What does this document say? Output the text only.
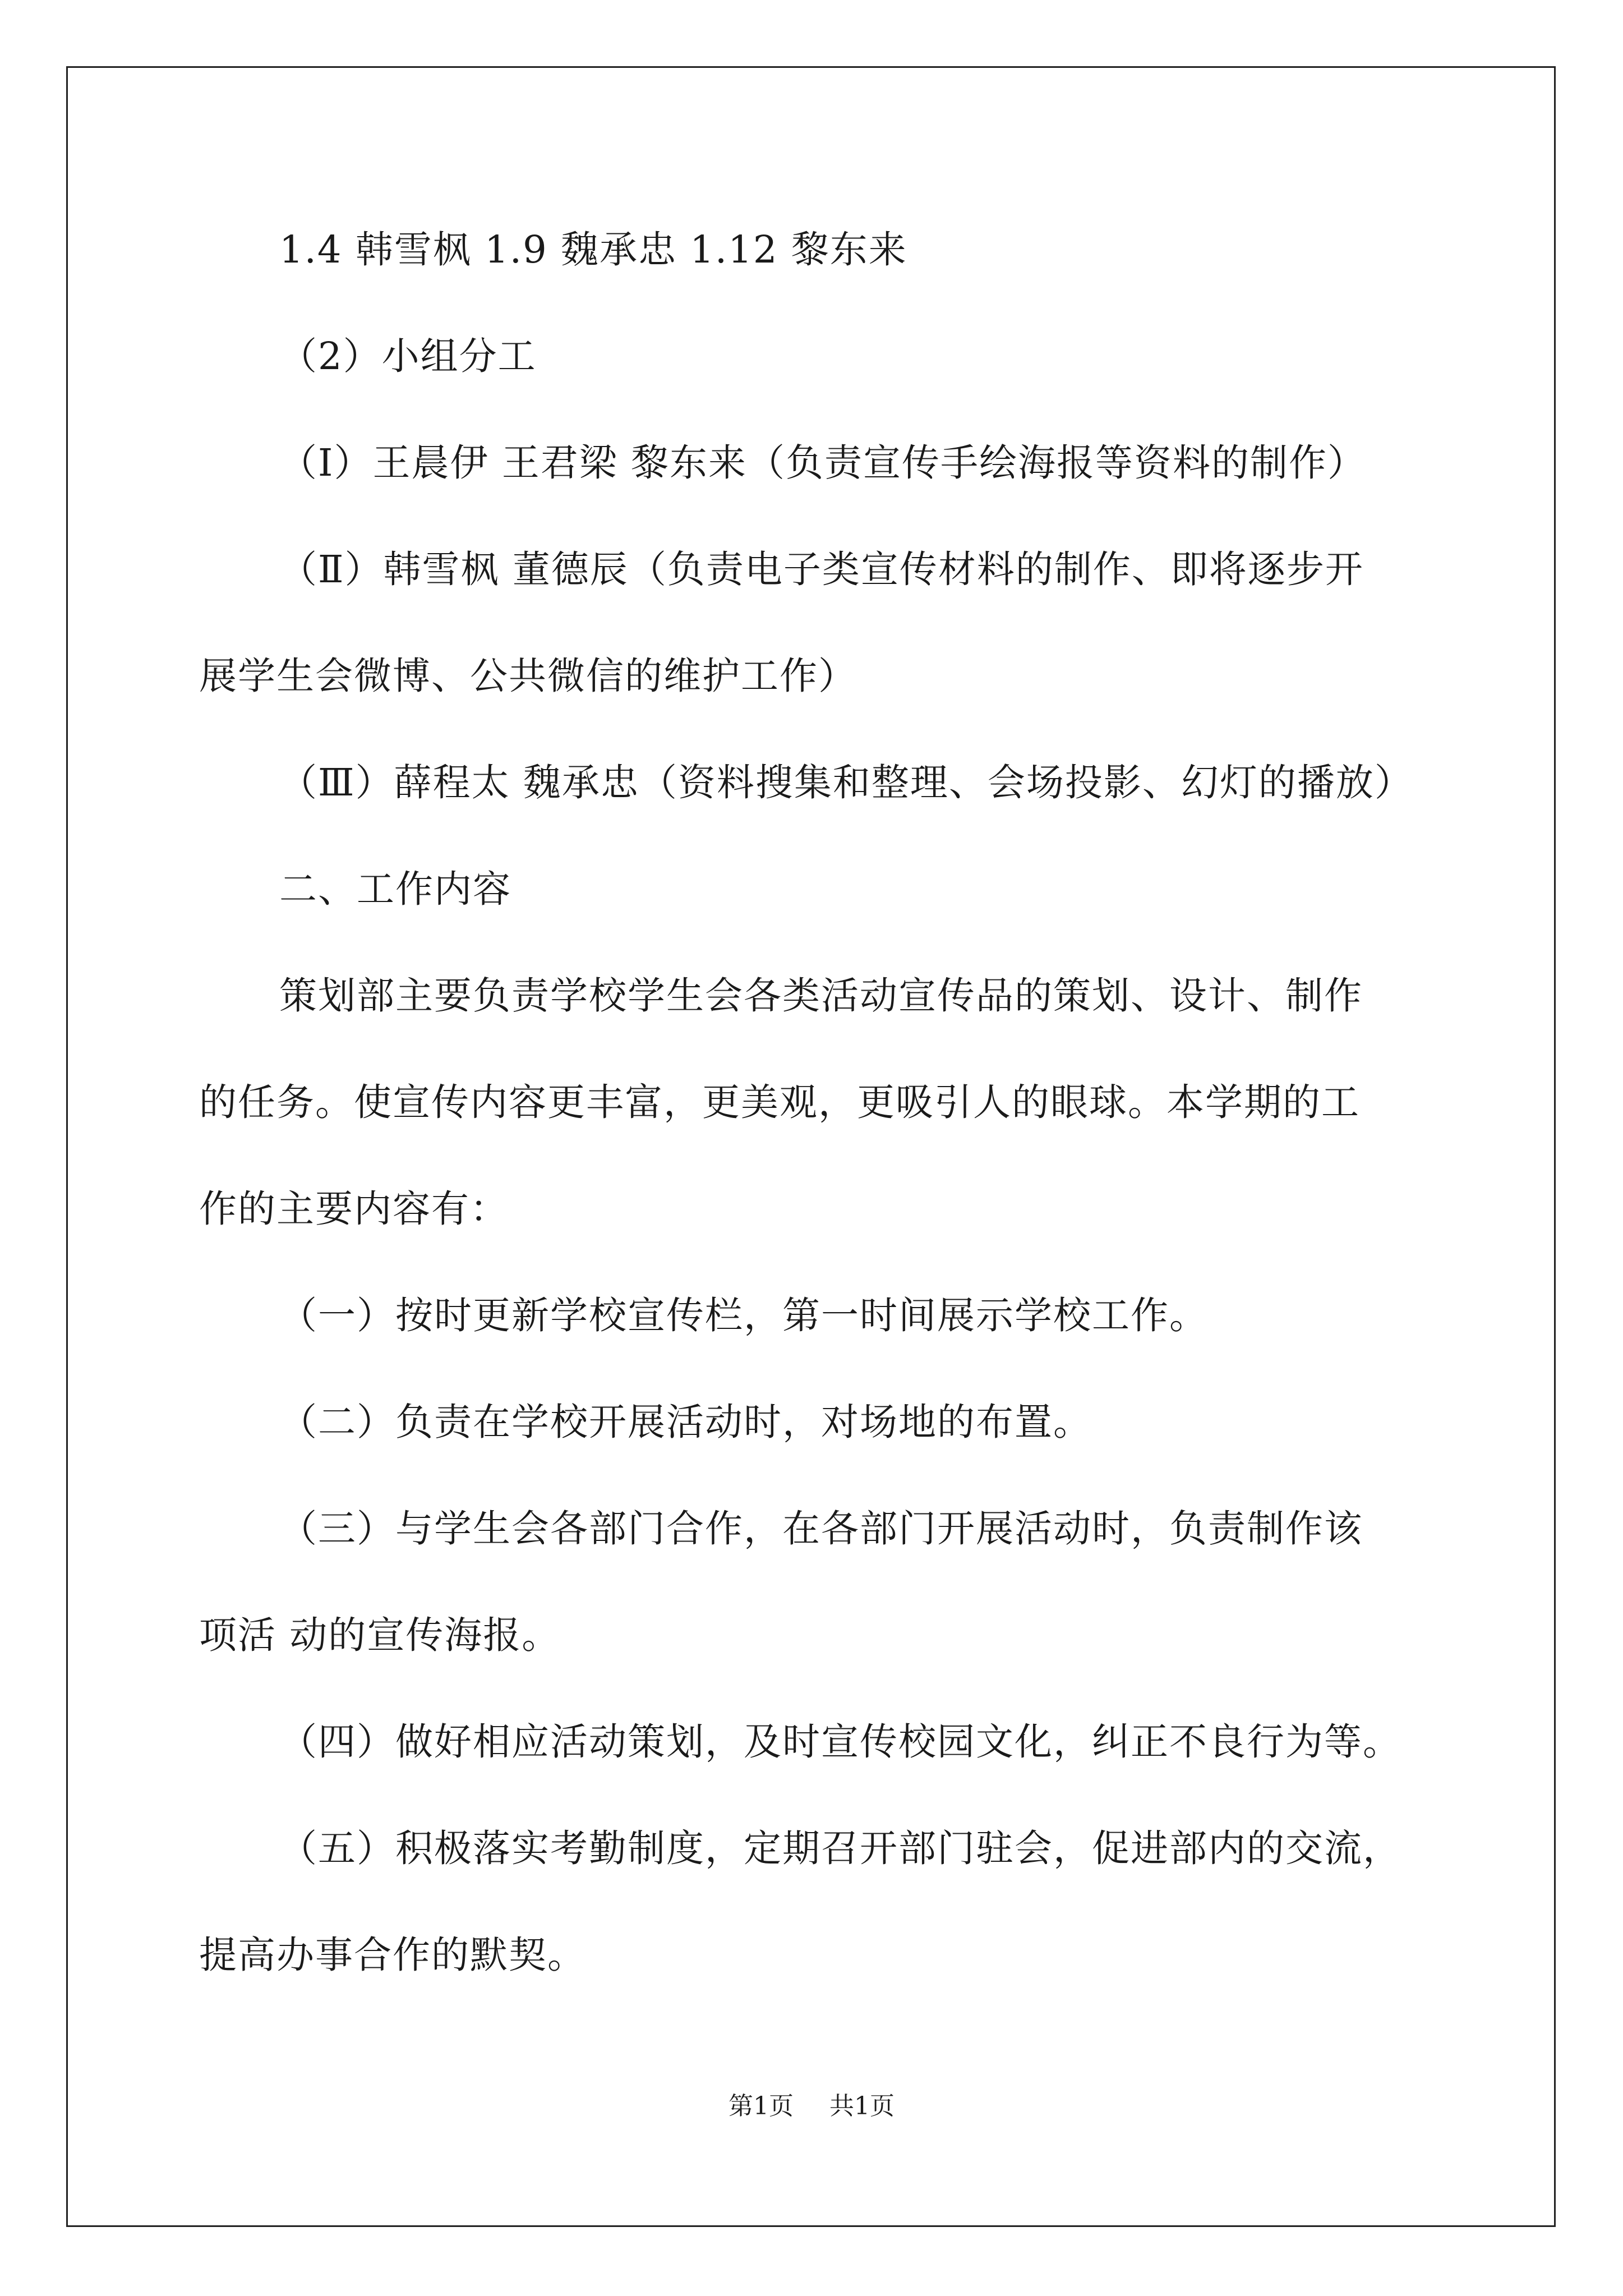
1.4 韩雪枫 1.9 魏承忠 1.12 黎东来
（2）小组分工
（Ⅰ）王晨伊 王君梁 黎东来（负责宣传手绘海报等资料的制作）
（Ⅱ）韩雪枫 董德辰（负责电子类宣传材料的制作、即将逐步开
展学生会微博、公共微信的维护工作）
（Ⅲ）薛程太 魏承忠（资料搜集和整理、会场投影、幻灯的播放）
二、工作内容
策划部主要负责学校学生会各类活动宣传品的策划、设计、制作
的任务。使宣传内容更丰富，更美观，更吸引人的眼球。本学期的工
作的主要内容有：
（一）按时更新学校宣传栏，第一时间展示学校工作。
（二）负责在学校开展活动时，对场地的布置。
（三）与学生会各部门合作，在各部门开展活动时，负责制作该
项活 动的宣传海报。
（四）做好相应活动策划，及时宣传校园文化，纠正不良行为等。
（五）积极落实考勤制度，定期召开部门驻会，促进部内的交流，
提高办事合作的默契。
第1页 共1页
